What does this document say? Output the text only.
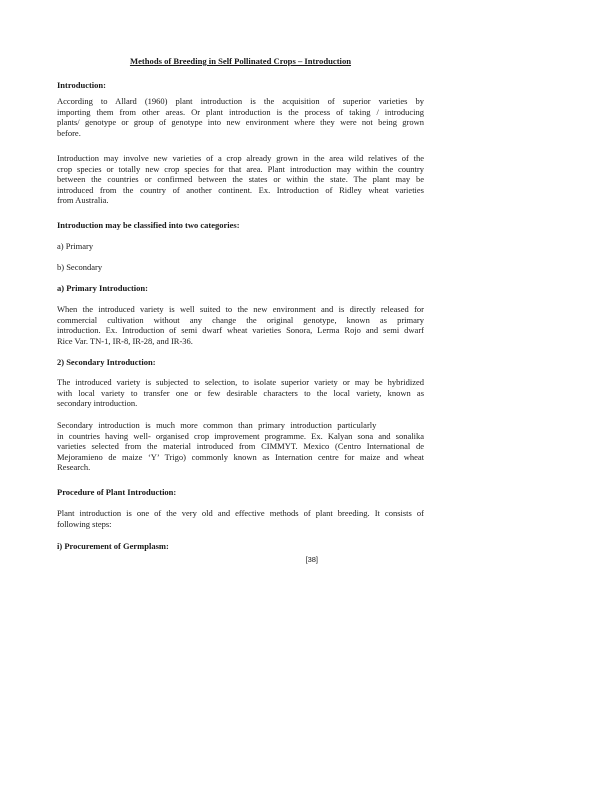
Methods of Breeding in Self Pollinated Crops – Introduction
Introduction:
According to Allard (1960) plant introduction is the acquisition of superior varieties by
importing them from other areas. Or plant introduction is the process of taking / introducing
plants/ genotype or group of genotype into new environment where they were not being grown
before.
Introduction may involve new varieties of a crop already grown in the area wild relatives of the
crop species or totally new crop species for that area. Plant introduction may within the country
between the countries or confirmed between the states or within the state. The plant may be
introduced from the country of another continent. Ex. Introduction of Ridley wheat varieties
from Australia.
Introduction may be classified into two categories:
a) Primary
b) Secondary
a) Primary Introduction:
When the introduced variety is well suited to the new environment and is directly released for
commercial cultivation without any change the original genotype, known as primary
introduction. Ex. Introduction of semi dwarf wheat varieties Sonora, Lerma Rojo and semi dwarf
Rice Var. TN-1, IR-8, IR-28, and IR-36.
2) Secondary Introduction:
The introduced variety is subjected to selection, to isolate superior variety or may be hybridized
with local variety to transfer one or few desirable characters to the local variety, known as
secondary introduction.
Secondary introduction is much more common than primary introduction particularly
in countries having well- organised crop improvement programme. Ex. Kalyan sona and sonalika
varieties selected from the material introduced from CIMMYT. Mexico (Centro International de
Mejoramieno de maize ‘Y’ Trigo) commonly known as Internation centre for maize and wheat
Research.
Procedure of Plant Introduction:
Plant introduction is one of the very old and effective methods of plant breeding. It consists of
following steps:
i) Procurement of Germplasm:
[38]
